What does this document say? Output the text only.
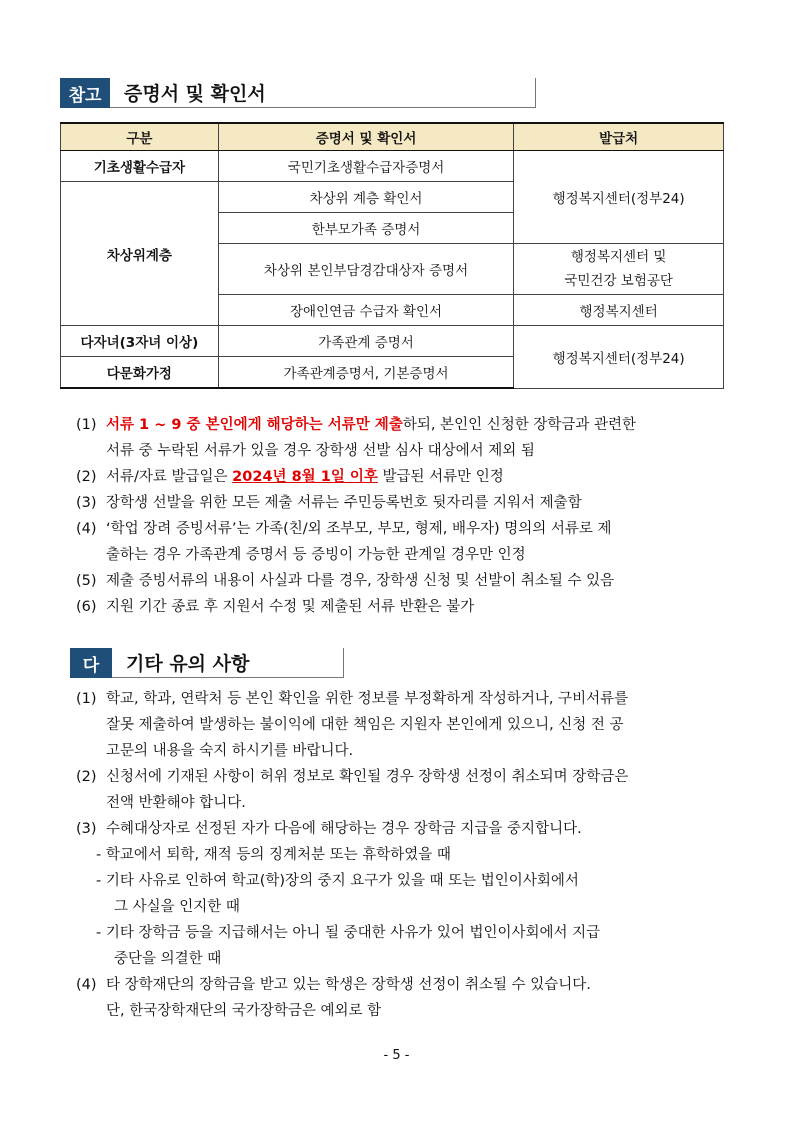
참고	증명서 및 확인서
구분	증명서 및 확인서	발급처
기초생활수급자	국민기초생활수급자증명서	행정복지센터(정부24)
차상위계층	차상위 계층 확인서	
	한부모가족 증명서	
	차상위 본인부담경감대상자 증명서	행정복지센터 및
국민건강 보험공단

	장애인연금 수급자 확인서	행정복지센터
다자녀(3자녀 이상)	가족관계 증명서	행정복지센터(정부24)
다문화가정	가족관계증명서, 기본증명서	
(1) 서류 1 ~ 9 중 본인에게 해당하는 서류만 제출하되, 본인인 신청한 장학금과 관련한
서류 중 누락된 서류가 있을 경우 장학생 선발 심사 대상에서 제외 됨
(2) 서류/자료 발급일은 2024년 8월 1일 이후 발급된 서류만 인정
(3) 장학생 선발을 위한 모든 제출 서류는 주민등록번호 뒷자리를 지워서 제출함
(4) ‘학업 장려 증빙서류’는 가족(친/외 조부모, 부모, 형제, 배우자) 명의의 서류로 제
출하는 경우 가족관계 증명서 등 증빙이 가능한 관계일 경우만 인정
(5) 제출 증빙서류의 내용이 사실과 다를 경우, 장학생 신청 및 선발이 취소될 수 있음
(6) 지원 기간 종료 후 지원서 수정 및 제출된 서류 반환은 불가
다	기타 유의 사항
(1) 학교, 학과, 연락처 등 본인 확인을 위한 정보를 부정확하게 작성하거나, 구비서류를
잘못 제출하여 발생하는 불이익에 대한 책임은 지원자 본인에게 있으니, 신청 전 공
고문의 내용을 숙지 하시기를 바랍니다.
(2) 신청서에 기재된 사항이 허위 정보로 확인될 경우 장학생 선정이 취소되며 장학금은
전액 반환해야 합니다.
(3) 수혜대상자로 선정된 자가 다음에 해당하는 경우 장학금 지급을 중지합니다.
- 학교에서 퇴학, 재적 등의 징계처분 또는 휴학하였을 때
- 기타 사유로 인하여 학교(학)장의 중지 요구가 있을 때 또는 법인이사회에서
그 사실을 인지한 때
- 기타 장학금 등을 지급해서는 아니 될 중대한 사유가 있어 법인이사회에서 지급
중단을 의결한 때
(4) 타 장학재단의 장학금을 받고 있는 학생은 장학생 선정이 취소될 수 있습니다.
단, 한국장학재단의 국가장학금은 예외로 함
- 5 -
